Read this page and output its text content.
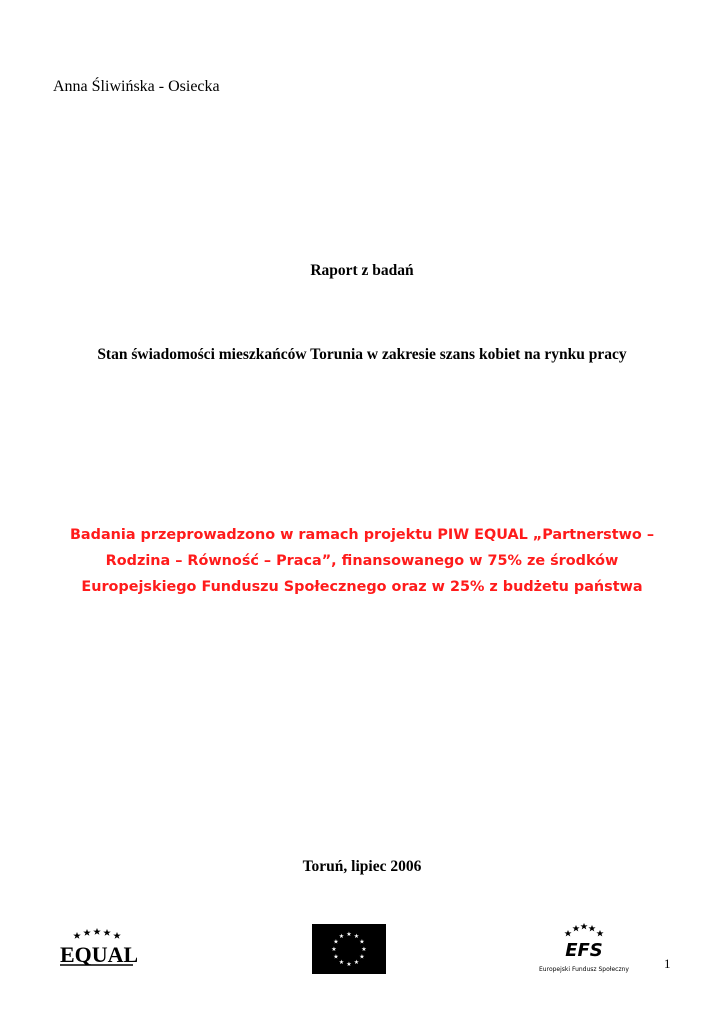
Anna Śliwińska - Osiecka
Raport z badań
Stan świadomości mieszkańców Torunia w zakresie szans kobiet na rynku pracy
Badania przeprowadzono w ramach projektu PIW EQUAL „Partnerstwo –
Rodzina – Równość – Praca”, finansowanego w 75% ze środków
Europejskiego Funduszu Społecznego oraz w 25% z budżetu państwa
Toruń, lipiec 2006
EQUAL
★ ★
★
★
★
★
★
★
★
★
★
★
EFS
Europejski Fundusz Społeczny	1
